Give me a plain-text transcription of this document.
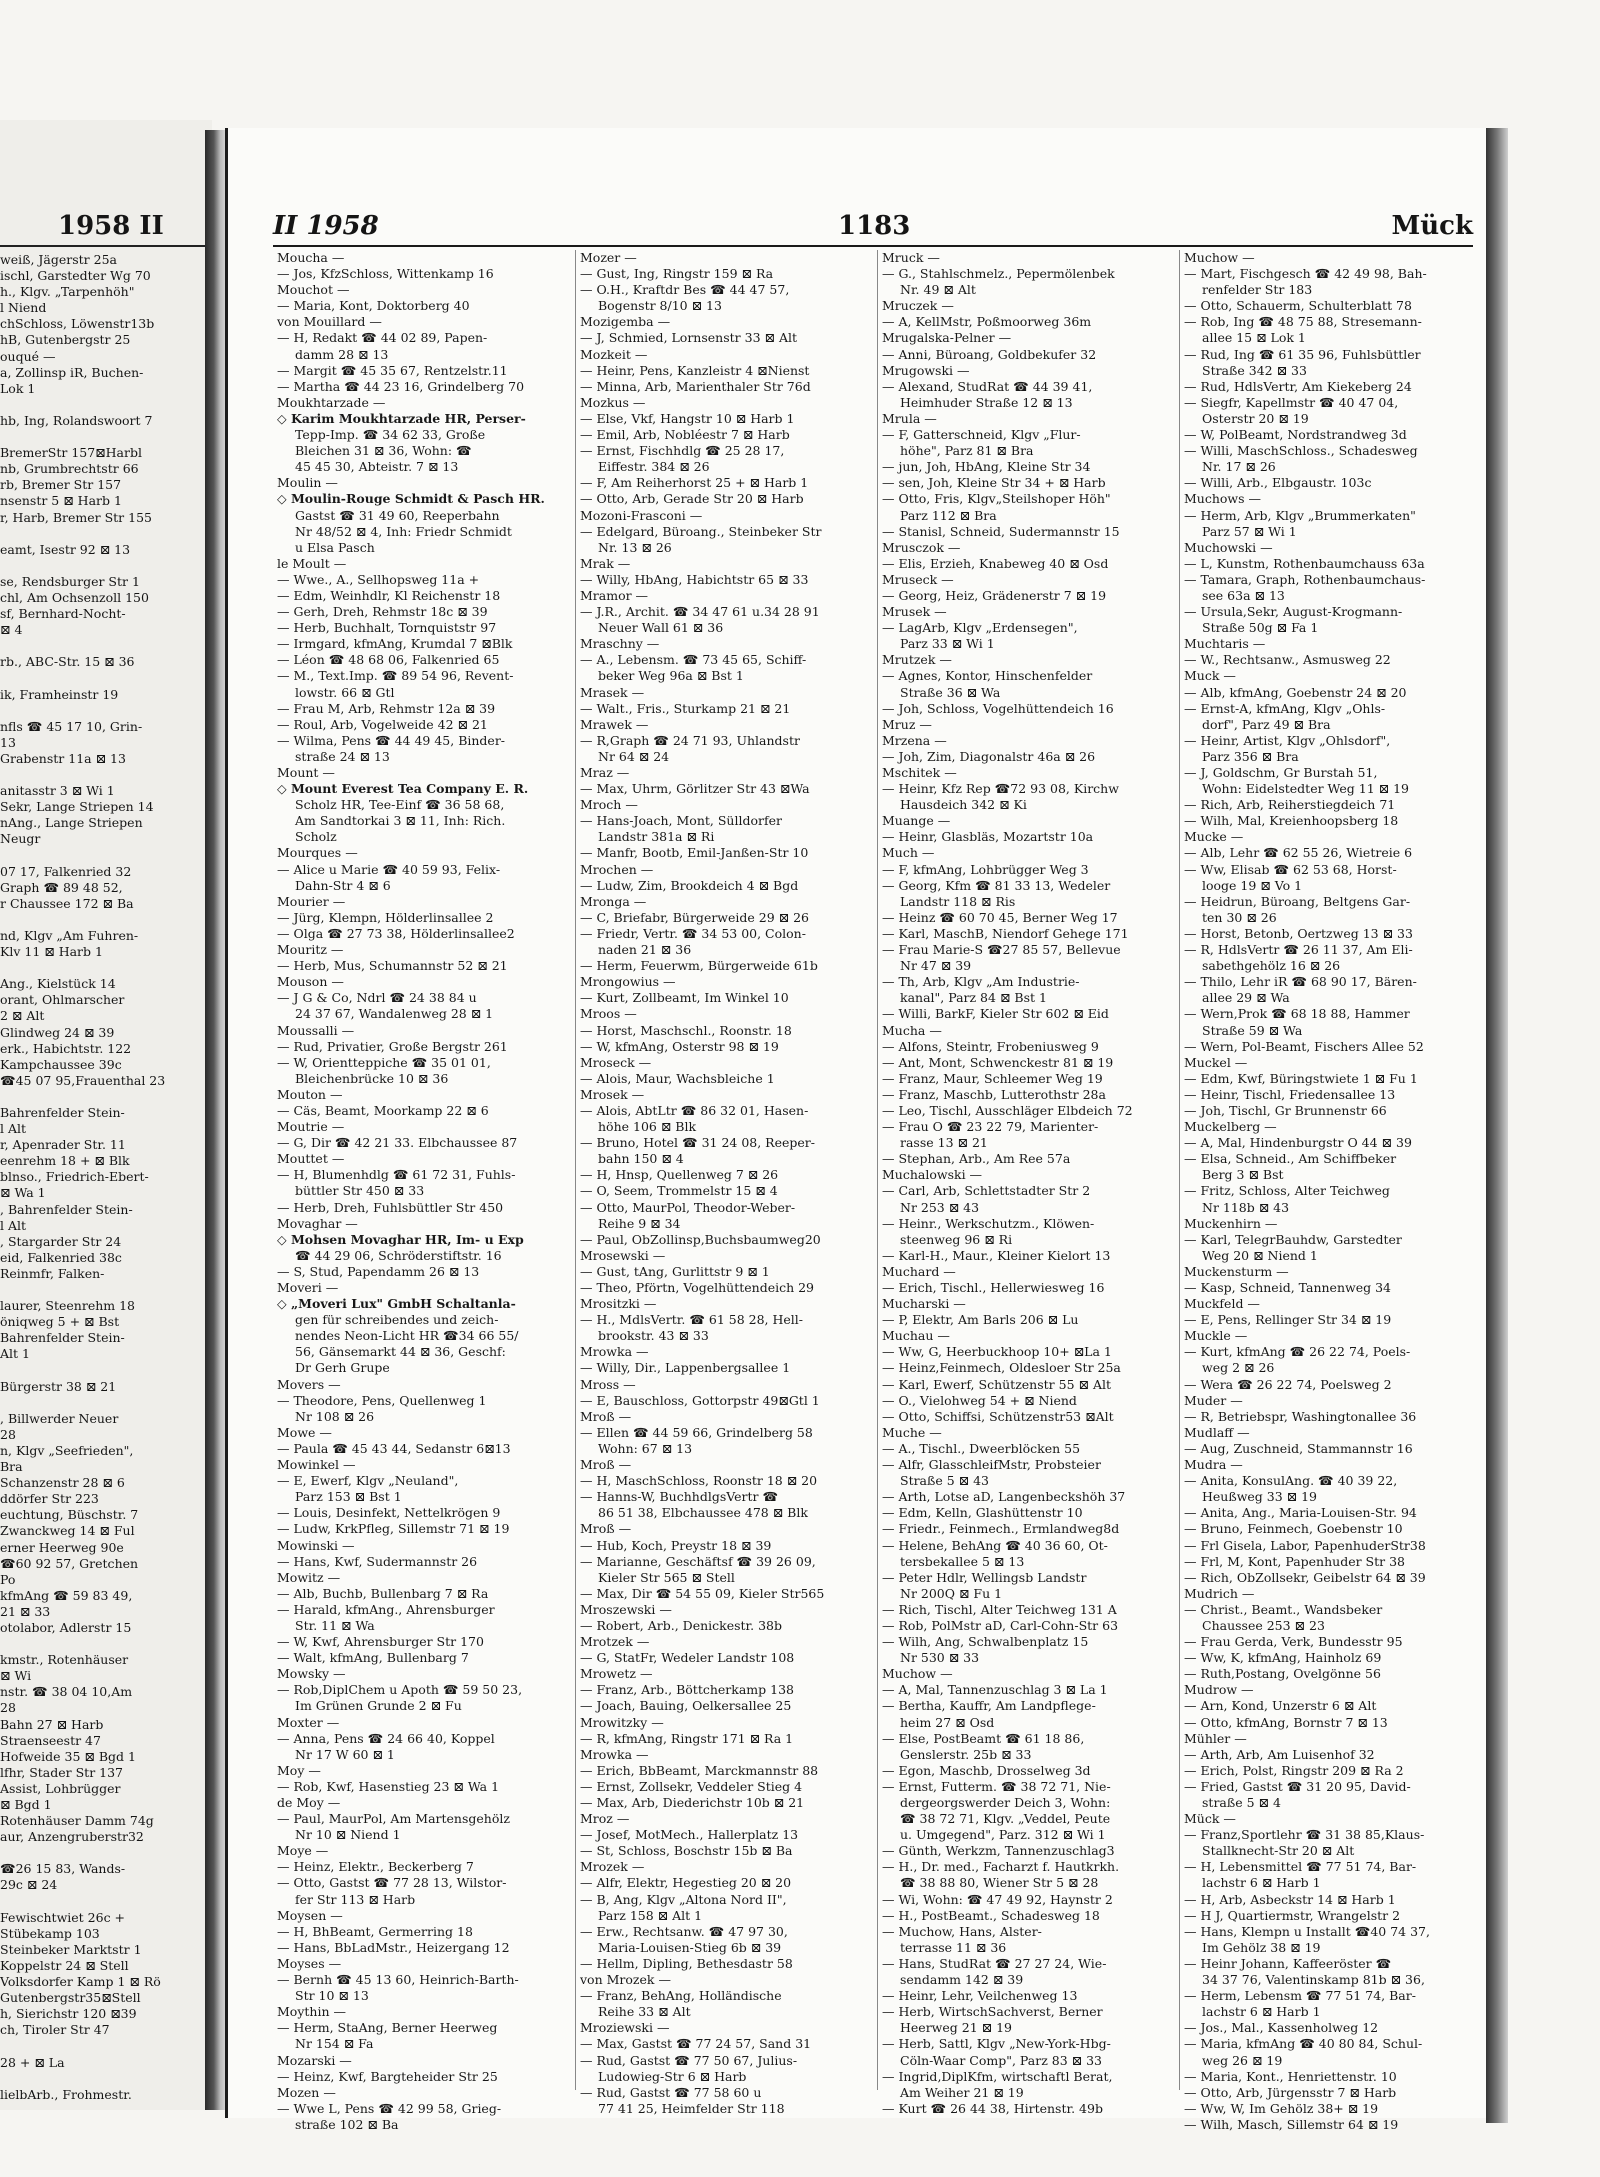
1958 II
weiß, Jägerstr 25a
ischl, Garstedter Wg 70
h., Klgv. „Tarpenhöh"
l Niend
chSchloss, Löwenstr13b
hB, Gutenbergstr 25
ouqué —
a, Zollinsp iR, Buchen-
Lok 1
hb, Ing, Rolandswoort 7
BremerStr 157⊠Harbl
nb, Grumbrechtstr 66
rb, Bremer Str 157
nsenstr 5 ⊠ Harb 1
r, Harb, Bremer Str 155
eamt, Isestr 92 ⊠ 13
se, Rendsburger Str 1
chl, Am Ochsenzoll 150
sf, Bernhard-Nocht-
⊠ 4
rb., ABC-Str. 15 ⊠ 36
ik, Framheinstr 19
nfls ☎ 45 17 10, Grin-
13
Grabenstr 11a ⊠ 13
anitasstr 3 ⊠ Wi 1
Sekr, Lange Striepen 14
nAng., Lange Striepen
Neugr
07 17, Falkenried 32
Graph ☎ 89 48 52,
r Chaussee 172 ⊠ Ba
nd, Klgv „Am Fuhren-
Klv 11 ⊠ Harb 1
Ang., Kielstück 14
orant, Ohlmarscher
2 ⊠ Alt
Glindweg 24 ⊠ 39
erk., Habichtstr. 122
Kampchaussee 39c
☎45 07 95,Frauenthal 23
Bahrenfelder Stein-
l Alt
r, Apenrader Str. 11
eenrehm 18 + ⊠ Blk
blnso., Friedrich-Ebert-
⊠ Wa 1
, Bahrenfelder Stein-
l Alt
, Stargarder Str 24
eid, Falkenried 38c
Reinmfr, Falken-
laurer, Steenrehm 18
öniqweg 5 + ⊠ Bst
Bahrenfelder Stein-
Alt 1
Bürgerstr 38 ⊠ 21
, Billwerder Neuer
28
n, Klgv „Seefrieden",
Bra
Schanzenstr 28 ⊠ 6
ddörfer Str 223
euchtung, Büschstr. 7
Zwanckweg 14 ⊠ Ful
erner Heerweg 90e
☎60 92 57, Gretchen
Po
kfmAng ☎ 59 83 49,
21 ⊠ 33
otolabor, Adlerstr 15
kmstr., Rotenhäuser
⊠ Wi
nstr. ☎ 38 04 10,Am
28
Bahn 27 ⊠ Harb
Straenseestr 47
Hofweide 35 ⊠ Bgd 1
lfhr, Stader Str 137
Assist, Lohbrügger
⊠ Bgd 1
Rotenhäuser Damm 74g
aur, Anzengruberstr32
☎26 15 83, Wands-
29c ⊠ 24
Fewischtwiet 26c +
Stübekamp 103
Steinbeker Marktstr 1
Koppelstr 24 ⊠ Stell
Volksdorfer Kamp 1 ⊠ Rö
Gutenbergstr35⊠Stell
h, Sierichstr 120 ⊠39
ch, Tiroler Str 47
28 + ⊠ La
lielbArb., Frohmestr.
II 1958	1183	Mück
Moucha —
— Jos, KfzSchloss, Wittenkamp 16
Mouchot —
— Maria, Kont, Doktorberg 40
von Mouillard —
— H, Redakt ☎ 44 02 89, Papen-
damm 28 ⊠ 13
— Margit ☎ 45 35 67, Rentzelstr.11
— Martha ☎ 44 23 16, Grindelberg 70
Moukhtarzade —
◇ Karim Moukhtarzade HR, Perser-
Tepp-Imp. ☎ 34 62 33, Große
Bleichen 31 ⊠ 36, Wohn: ☎
45 45 30, Abteistr. 7 ⊠ 13
Moulin —
◇ Moulin-Rouge Schmidt & Pasch HR.
Gastst ☎ 31 49 60, Reeperbahn
Nr 48/52 ⊠ 4, Inh: Friedr Schmidt
u Elsa Pasch
le Moult —
— Wwe., A., Sellhopsweg 11a +
— Edm, Weinhdlr, Kl Reichenstr 18
— Gerh, Dreh, Rehmstr 18c ⊠ 39
— Herb, Buchhalt, Tornquiststr 97
— Irmgard, kfmAng, Krumdal 7 ⊠Blk
— Léon ☎ 48 68 06, Falkenried 65
— M., Text.Imp. ☎ 89 54 96, Revent-
lowstr. 66 ⊠ Gtl
— Frau M, Arb, Rehmstr 12a ⊠ 39
— Roul, Arb, Vogelweide 42 ⊠ 21
— Wilma, Pens ☎ 44 49 45, Binder-
straße 24 ⊠ 13
Mount —
◇ Mount Everest Tea Company E. R.
Scholz HR, Tee-Einf ☎ 36 58 68,
Am Sandtorkai 3 ⊠ 11, Inh: Rich.
Scholz
Mourques —
— Alice u Marie ☎ 40 59 93, Felix-
Dahn-Str 4 ⊠ 6
Mourier —
— Jürg, Klempn, Hölderlinsallee 2
— Olga ☎ 27 73 38, Hölderlinsallee2
Mouritz —
— Herb, Mus, Schumannstr 52 ⊠ 21
Mouson —
— J G & Co, Ndrl ☎ 24 38 84 u
24 37 67, Wandalenweg 28 ⊠ 1
Moussalli —
— Rud, Privatier, Große Bergstr 261
— W, Orientteppiche ☎ 35 01 01,
Bleichenbrücke 10 ⊠ 36
Mouton —
— Cäs, Beamt, Moorkamp 22 ⊠ 6
Moutrie —
— G, Dir ☎ 42 21 33. Elbchaussee 87
Mouttet —
— H, Blumenhdlg ☎ 61 72 31, Fuhls-
büttler Str 450 ⊠ 33
— Herb, Dreh, Fuhlsbüttler Str 450
Movaghar —
◇ Mohsen Movaghar HR, Im- u Exp
☎ 44 29 06, Schröderstiftstr. 16
— S, Stud, Papendamm 26 ⊠ 13
Moveri —
◇ „Moveri Lux" GmbH Schaltanla-
gen für schreibendes und zeich-
nendes Neon-Licht HR ☎34 66 55/
56, Gänsemarkt 44 ⊠ 36, Geschf:
Dr Gerh Grupe
Movers —
— Theodore, Pens, Quellenweg 1
Nr 108 ⊠ 26
Mowe —
— Paula ☎ 45 43 44, Sedanstr 6⊠13
Mowinkel —
— E, Ewerf, Klgv „Neuland",
Parz 153 ⊠ Bst 1
— Louis, Desinfekt, Nettelkrögen 9
— Ludw, KrkPfleg, Sillemstr 71 ⊠ 19
Mowinski —
— Hans, Kwf, Sudermannstr 26
Mowitz —
— Alb, Buchb, Bullenbarg 7 ⊠ Ra
— Harald, kfmAng., Ahrensburger
Str. 11 ⊠ Wa
— W, Kwf, Ahrensburger Str 170
— Walt, kfmAng, Bullenbarg 7
Mowsky —
— Rob,DiplChem u Apoth ☎ 59 50 23,
Im Grünen Grunde 2 ⊠ Fu
Moxter —
— Anna, Pens ☎ 24 66 40, Koppel
Nr 17 W 60 ⊠ 1
Moy —
— Rob, Kwf, Hasenstieg 23 ⊠ Wa 1
de Moy —
— Paul, MaurPol, Am Martensgehölz
Nr 10 ⊠ Niend 1
Moye —
— Heinz, Elektr., Beckerberg 7
— Otto, Gastst ☎ 77 28 13, Wilstor-
fer Str 113 ⊠ Harb
Moysen —
— H, BhBeamt, Germerring 18
— Hans, BbLadMstr., Heizergang 12
Moyses —
— Bernh ☎ 45 13 60, Heinrich-Barth-
Str 10 ⊠ 13
Moythin —
— Herm, StaAng, Berner Heerweg
Nr 154 ⊠ Fa
Mozarski —
— Heinz, Kwf, Bargteheider Str 25
Mozen —
— Wwe L, Pens ☎ 42 99 58, Grieg-
straße 102 ⊠ Ba
Mozer —
— Gust, Ing, Ringstr 159 ⊠ Ra
— O.H., Kraftdr Bes ☎ 44 47 57,
Bogenstr 8/10 ⊠ 13
Mozigemba —
— J, Schmied, Lornsenstr 33 ⊠ Alt
Mozkeit —
— Heinr, Pens, Kanzleistr 4 ⊠Nienst
— Minna, Arb, Marienthaler Str 76d
Mozkus —
— Else, Vkf, Hangstr 10 ⊠ Harb 1
— Emil, Arb, Nobléestr 7 ⊠ Harb
— Ernst, Fischhdlg ☎ 25 28 17,
Eiffestr. 384 ⊠ 26
— F, Am Reiherhorst 25 + ⊠ Harb 1
— Otto, Arb, Gerade Str 20 ⊠ Harb
Mozoni-Frasconi —
— Edelgard, Büroang., Steinbeker Str
Nr. 13 ⊠ 26
Mrak —
— Willy, HbAng, Habichtstr 65 ⊠ 33
Mramor —
— J.R., Archit. ☎ 34 47 61 u.34 28 91
Neuer Wall 61 ⊠ 36
Mraschny —
— A., Lebensm. ☎ 73 45 65, Schiff-
beker Weg 96a ⊠ Bst 1
Mrasek —
— Walt., Fris., Sturkamp 21 ⊠ 21
Mrawek —
— R,Graph ☎ 24 71 93, Uhlandstr
Nr 64 ⊠ 24
Mraz —
— Max, Uhrm, Görlitzer Str 43 ⊠Wa
Mroch —
— Hans-Joach, Mont, Sülldorfer
Landstr 381a ⊠ Ri
— Manfr, Bootb, Emil-Janßen-Str 10
Mrochen —
— Ludw, Zim, Brookdeich 4 ⊠ Bgd
Mronga —
— C, Briefabr, Bürgerweide 29 ⊠ 26
— Friedr, Vertr. ☎ 34 53 00, Colon-
naden 21 ⊠ 36
— Herm, Feuerwm, Bürgerweide 61b
Mrongowius —
— Kurt, Zollbeamt, Im Winkel 10
Mroos —
— Horst, Maschschl., Roonstr. 18
— W, kfmAng, Osterstr 98 ⊠ 19
Mroseck —
— Alois, Maur, Wachsbleiche 1
Mrosek —
— Alois, AbtLtr ☎ 86 32 01, Hasen-
höhe 106 ⊠ Blk
— Bruno, Hotel ☎ 31 24 08, Reeper-
bahn 150 ⊠ 4
— H, Hnsp, Quellenweg 7 ⊠ 26
— O, Seem, Trommelstr 15 ⊠ 4
— Otto, MaurPol, Theodor-Weber-
Reihe 9 ⊠ 34
— Paul, ObZollinsp,Buchsbaumweg20
Mrosewski —
— Gust, tAng, Gurlittstr 9 ⊠ 1
— Theo, Pförtn, Vogelhüttendeich 29
Mrositzki —
— H., MdlsVertr. ☎ 61 58 28, Hell-
brookstr. 43 ⊠ 33
Mrowka —
— Willy, Dir., Lappenbergsallee 1
Mross —
— E, Bauschloss, Gottorpstr 49⊠Gtl 1
Mroß —
— Ellen ☎ 44 59 66, Grindelberg 58
Wohn: 67 ⊠ 13
Mroß —
— H, MaschSchloss, Roonstr 18 ⊠ 20
— Hanns-W, BuchhdlgsVertr ☎
86 51 38, Elbchaussee 478 ⊠ Blk
Mroß —
— Hub, Koch, Preystr 18 ⊠ 39
— Marianne, Geschäftsf ☎ 39 26 09,
Kieler Str 565 ⊠ Stell
— Max, Dir ☎ 54 55 09, Kieler Str565
Mroszewski —
— Robert, Arb., Denickestr. 38b
Mrotzek —
— G, StatFr, Wedeler Landstr 108
Mrowetz —
— Franz, Arb., Böttcherkamp 138
— Joach, Bauing, Oelkersallee 25
Mrowitzky —
— R, kfmAng, Ringstr 171 ⊠ Ra 1
Mrowka —
— Erich, BbBeamt, Marckmannstr 88
— Ernst, Zollsekr, Veddeler Stieg 4
— Max, Arb, Diederichstr 10b ⊠ 21
Mroz —
— Josef, MotMech., Hallerplatz 13
— St, Schloss, Boschstr 15b ⊠ Ba
Mrozek —
— Alfr, Elektr, Hegestieg 20 ⊠ 20
— B, Ang, Klgv „Altona Nord II",
Parz 158 ⊠ Alt 1
— Erw., Rechtsanw. ☎ 47 97 30,
Maria-Louisen-Stieg 6b ⊠ 39
— Hellm, Dipling, Bethesdastr 58
von Mrozek —
— Franz, BehAng, Holländische
Reihe 33 ⊠ Alt
Mroziewski —
— Max, Gastst ☎ 77 24 57, Sand 31
— Rud, Gastst ☎ 77 50 67, Julius-
Ludowieg-Str 6 ⊠ Harb
— Rud, Gastst ☎ 77 58 60 u
77 41 25, Heimfelder Str 118
Mruck —
— G., Stahlschmelz., Pepermölenbek
Nr. 49 ⊠ Alt
Mruczek —
— A, KellMstr, Poßmoorweg 36m
Mrugalska-Pelner —
— Anni, Büroang, Goldbekufer 32
Mrugowski —
— Alexand, StudRat ☎ 44 39 41,
Heimhuder Straße 12 ⊠ 13
Mrula —
— F, Gatterschneid, Klgv „Flur-
höhe", Parz 81 ⊠ Bra
— jun, Joh, HbAng, Kleine Str 34
— sen, Joh, Kleine Str 34 + ⊠ Harb
— Otto, Fris, Klgv„Steilshoper Höh"
Parz 112 ⊠ Bra
— Stanisl, Schneid, Sudermannstr 15
Mrusczok —
— Elis, Erzieh, Knabeweg 40 ⊠ Osd
Mruseck —
— Georg, Heiz, Grädenerstr 7 ⊠ 19
Mrusek —
— LagArb, Klgv „Erdensegen",
Parz 33 ⊠ Wi 1
Mrutzek —
— Agnes, Kontor, Hinschenfelder
Straße 36 ⊠ Wa
— Joh, Schloss, Vogelhüttendeich 16
Mruz —
Mrzena —
— Joh, Zim, Diagonalstr 46a ⊠ 26
Mschitek —
— Heinr, Kfz Rep ☎72 93 08, Kirchw
Hausdeich 342 ⊠ Ki
Muange —
— Heinr, Glasbläs, Mozartstr 10a
Much —
— F, kfmAng, Lohbrügger Weg 3
— Georg, Kfm ☎ 81 33 13, Wedeler
Landstr 118 ⊠ Ris
— Heinz ☎ 60 70 45, Berner Weg 17
— Karl, MaschB, Niendorf Gehege 171
— Frau Marie-S ☎27 85 57, Bellevue
Nr 47 ⊠ 39
— Th, Arb, Klgv „Am Industrie-
kanal", Parz 84 ⊠ Bst 1
— Willi, BarkF, Kieler Str 602 ⊠ Eid
Mucha —
— Alfons, Steintr, Frobeniusweg 9
— Ant, Mont, Schwenckestr 81 ⊠ 19
— Franz, Maur, Schleemer Weg 19
— Franz, Maschb, Lutterothstr 28a
— Leo, Tischl, Ausschläger Elbdeich 72
— Frau O ☎ 23 22 79, Marienter-
rasse 13 ⊠ 21
— Stephan, Arb., Am Ree 57a
Muchalowski —
— Carl, Arb, Schlettstadter Str 2
Nr 253 ⊠ 43
— Heinr., Werkschutzm., Klöwen-
steenweg 96 ⊠ Ri
— Karl-H., Maur., Kleiner Kielort 13
Muchard —
— Erich, Tischl., Hellerwiesweg 16
Mucharski —
— P, Elektr, Am Barls 206 ⊠ Lu
Muchau —
— Ww, G, Heerbuckhoop 10+ ⊠La 1
— Heinz,Feinmech, Oldesloer Str 25a
— Karl, Ewerf, Schützenstr 55 ⊠ Alt
— O., Vielohweg 54 + ⊠ Niend
— Otto, Schiffsi, Schützenstr53 ⊠Alt
Muche —
— A., Tischl., Dweerblöcken 55
— Alfr, GlasschleifMstr, Probsteier
Straße 5 ⊠ 43
— Arth, Lotse aD, Langenbeckshöh 37
— Edm, Kelln, Glashüttenstr 10
— Friedr., Feinmech., Ermlandweg8d
— Helene, BehAng ☎ 40 36 60, Ot-
tersbekallee 5 ⊠ 13
— Peter Hdlr, Wellingsb Landstr
Nr 200Q ⊠ Fu 1
— Rich, Tischl, Alter Teichweg 131 A
— Rob, PolMstr aD, Carl-Cohn-Str 63
— Wilh, Ang, Schwalbenplatz 15
Nr 530 ⊠ 33
Muchow —
— A, Mal, Tannenzuschlag 3 ⊠ La 1
— Bertha, Kauffr, Am Landpflege-
heim 27 ⊠ Osd
— Else, PostBeamt ☎ 61 18 86,
Genslerstr. 25b ⊠ 33
— Egon, Maschb, Drosselweg 3d
— Ernst, Futterm. ☎ 38 72 71, Nie-
dergeorgswerder Deich 3, Wohn:
☎ 38 72 71, Klgv. „Veddel, Peute
u. Umgegend", Parz. 312 ⊠ Wi 1
— Günth, Werkzm, Tannenzuschlag3
— H., Dr. med., Facharzt f. Hautkrkh.
☎ 38 88 80, Wiener Str 5 ⊠ 28
— Wi, Wohn: ☎ 47 49 92, Haynstr 2
— H., PostBeamt., Schadesweg 18
— Muchow, Hans, Alster-
terrasse 11 ⊠ 36
— Hans, StudRat ☎ 27 27 24, Wie-
sendamm 142 ⊠ 39
— Heinr, Lehr, Veilchenweg 13
— Herb, WirtschSachverst, Berner
Heerweg 21 ⊠ 19
— Herb, Sattl, Klgv „New-York-Hbg-
Cöln-Waar Comp", Parz 83 ⊠ 33
— Ingrid,DiplKfm, wirtschaftl Berat,
Am Weiher 21 ⊠ 19
— Kurt ☎ 26 44 38, Hirtenstr. 49b
Muchow —
— Mart, Fischgesch ☎ 42 49 98, Bah-
renfelder Str 183
— Otto, Schauerm, Schulterblatt 78
— Rob, Ing ☎ 48 75 88, Stresemann-
allee 15 ⊠ Lok 1
— Rud, Ing ☎ 61 35 96, Fuhlsbüttler
Straße 342 ⊠ 33
— Rud, HdlsVertr, Am Kiekeberg 24
— Siegfr, Kapellmstr ☎ 40 47 04,
Osterstr 20 ⊠ 19
— W, PolBeamt, Nordstrandweg 3d
— Willi, MaschSchloss., Schadesweg
Nr. 17 ⊠ 26
— Willi, Arb., Elbgaustr. 103c
Muchows —
— Herm, Arb, Klgv „Brummerkaten"
Parz 57 ⊠ Wi 1
Muchowski —
— L, Kunstm, Rothenbaumchauss 63a
— Tamara, Graph, Rothenbaumchaus-
see 63a ⊠ 13
— Ursula,Sekr, August-Krogmann-
Straße 50g ⊠ Fa 1
Muchtaris —
— W., Rechtsanw., Asmusweg 22
Muck —
— Alb, kfmAng, Goebenstr 24 ⊠ 20
— Ernst-A, kfmAng, Klgv „Ohls-
dorf", Parz 49 ⊠ Bra
— Heinr, Artist, Klgv „Ohlsdorf",
Parz 356 ⊠ Bra
— J, Goldschm, Gr Burstah 51,
Wohn: Eidelstedter Weg 11 ⊠ 19
— Rich, Arb, Reiherstiegdeich 71
— Wilh, Mal, Kreienhoopsberg 18
Mucke —
— Alb, Lehr ☎ 62 55 26, Wietreie 6
— Ww, Elisab ☎ 62 53 68, Horst-
looge 19 ⊠ Vo 1
— Heidrun, Büroang, Beltgens Gar-
ten 30 ⊠ 26
— Horst, Betonb, Oertzweg 13 ⊠ 33
— R, HdlsVertr ☎ 26 11 37, Am Eli-
sabethgehölz 16 ⊠ 26
— Thilo, Lehr iR ☎ 68 90 17, Bären-
allee 29 ⊠ Wa
— Wern,Prok ☎ 68 18 88, Hammer
Straße 59 ⊠ Wa
— Wern, Pol-Beamt, Fischers Allee 52
Muckel —
— Edm, Kwf, Büringstwiete 1 ⊠ Fu 1
— Heinr, Tischl, Friedensallee 13
— Joh, Tischl, Gr Brunnenstr 66
Muckelberg —
— A, Mal, Hindenburgstr O 44 ⊠ 39
— Elsa, Schneid., Am Schiffbeker
Berg 3 ⊠ Bst
— Fritz, Schloss, Alter Teichweg
Nr 118b ⊠ 43
Muckenhirn —
— Karl, TelegrBauhdw, Garstedter
Weg 20 ⊠ Niend 1
Muckensturm —
— Kasp, Schneid, Tannenweg 34
Muckfeld —
— E, Pens, Rellinger Str 34 ⊠ 19
Muckle —
— Kurt, kfmAng ☎ 26 22 74, Poels-
weg 2 ⊠ 26
— Wera ☎ 26 22 74, Poelsweg 2
Muder —
— R, Betriebspr, Washingtonallee 36
Mudlaff —
— Aug, Zuschneid, Stammannstr 16
Mudra —
— Anita, KonsulAng. ☎ 40 39 22,
Heußweg 33 ⊠ 19
— Anita, Ang., Maria-Louisen-Str. 94
— Bruno, Feinmech, Goebenstr 10
— Frl Gisela, Labor, PapenhuderStr38
— Frl, M, Kont, Papenhuder Str 38
— Rich, ObZollsekr, Geibelstr 64 ⊠ 39
Mudrich —
— Christ., Beamt., Wandsbeker
Chaussee 253 ⊠ 23
— Frau Gerda, Verk, Bundesstr 95
— Ww, K, kfmAng, Hainholz 69
— Ruth,Postang, Ovelgönne 56
Mudrow —
— Arn, Kond, Unzerstr 6 ⊠ Alt
— Otto, kfmAng, Bornstr 7 ⊠ 13
Mühler —
— Arth, Arb, Am Luisenhof 32
— Erich, Polst, Ringstr 209 ⊠ Ra 2
— Fried, Gastst ☎ 31 20 95, David-
straße 5 ⊠ 4
Mück —
— Franz,Sportlehr ☎ 31 38 85,Klaus-
Stallknecht-Str 20 ⊠ Alt
— H, Lebensmittel ☎ 77 51 74, Bar-
lachstr 6 ⊠ Harb 1
— H, Arb, Asbeckstr 14 ⊠ Harb 1
— H J, Quartiermstr, Wrangelstr 2
— Hans, Klempn u Installt ☎40 74 37,
Im Gehölz 38 ⊠ 19
— Heinr Johann, Kaffeeröster ☎
34 37 76, Valentinskamp 81b ⊠ 36,
— Herm, Lebensm ☎ 77 51 74, Bar-
lachstr 6 ⊠ Harb 1
— Jos., Mal., Kassenholweg 12
— Maria, kfmAng ☎ 40 80 84, Schul-
weg 26 ⊠ 19
— Maria, Kont., Henriettenstr. 10
— Otto, Arb, Jürgensstr 7 ⊠ Harb
— Ww, W, Im Gehölz 38+ ⊠ 19
— Wilh, Masch, Sillemstr 64 ⊠ 19
